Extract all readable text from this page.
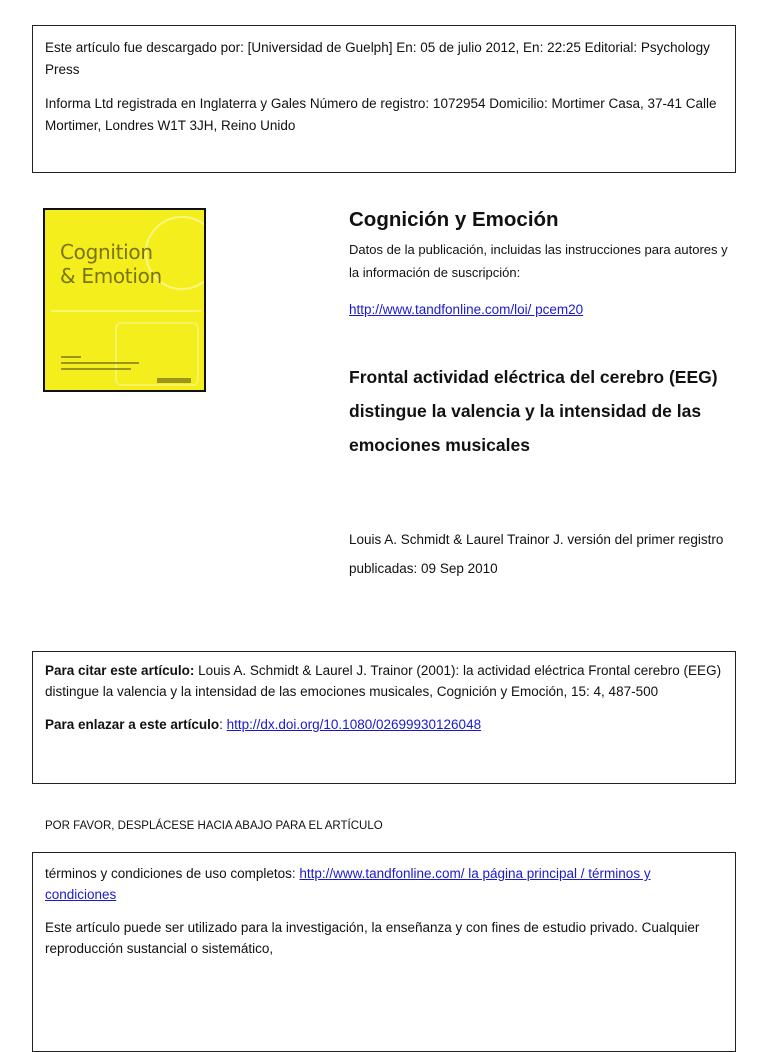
Este artículo fue descargado por: [Universidad de Guelph] En: 05 de julio 2012, En: 22:25 Editorial: Psychology Press

Informa Ltd registrada en Inglaterra y Gales Número de registro: 1072954 Domicilio: Mortimer Casa, 37-41 Calle Mortimer, Londres W1T 3JH, Reino Unido

Cognition
& Emotion
Cognición y Emoción

Datos de la publicación, incluidas las instrucciones para autores y la información de suscripción:

http://www.tandfonline.com/loi/ pcem20
Frontal actividad eléctrica del cerebro (EEG) distingue la valencia y la intensidad de las emociones musicales

Louis A. Schmidt & Laurel Trainor J. versión del primer registro publicadas: 09 Sep 2010

Para citar este artículo: Louis A. Schmidt & Laurel J. Trainor (2001): la actividad eléctrica Frontal cerebro (EEG) distingue la valencia y la intensidad de las emociones musicales, Cognición y Emoción, 15: 4, 487-500

Para enlazar a este artículo: http://dx.doi.org/10.1080/02699930126048

POR FAVOR, DESPLÁCESE HACIA ABAJO PARA EL ARTÍCULO

términos y condiciones de uso completos: http://www.tandfonline.com/ la página principal / términos y condiciones

Este artículo puede ser utilizado para la investigación, la enseñanza y con fines de estudio privado. Cualquier reproducción sustancial o sistemático,
